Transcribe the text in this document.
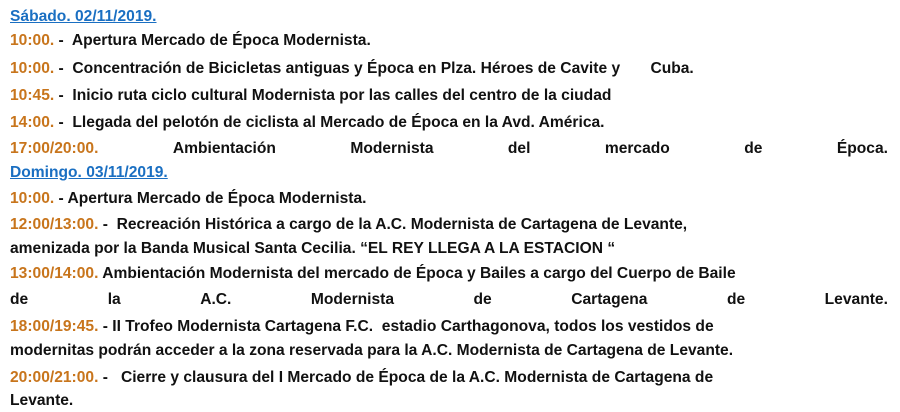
Sábado. 02/11/2019.
10:00. -  Apertura Mercado de Época Modernista.
10:00. -  Concentración de Bicicletas antiguas y Época en Plza. Héroes de Cavite y       Cuba.
10:45. -  Inicio ruta ciclo cultural Modernista por las calles del centro de la ciudad
14:00. -  Llegada del pelotón de ciclista al Mercado de Época en la Avd. América.
17:00/20:00.	Ambientación	Modernista	del	mercado	de	Época.
Domingo. 03/11/2019.
10:00. - Apertura Mercado de Época Modernista.
12:00/13:00. -  Recreación Histórica a cargo de la A.C. Modernista de Cartagena de Levante,
amenizada por la Banda Musical Santa Cecilia. “EL REY LLEGA A LA ESTACION “
13:00/14:00. Ambientación Modernista del mercado de Época y Bailes a cargo del Cuerpo de Baile
de	la	A.C.	Modernista	de	Cartagena	de	Levante.
18:00/19:45. - II Trofeo Modernista Cartagena F.C.  estadio Carthagonova, todos los vestidos de
modernitas podrán acceder a la zona reservada para la A.C. Modernista de Cartagena de Levante.
20:00/21:00. -   Cierre y clausura del I Mercado de Época de la A.C. Modernista de Cartagena de
Levante.
